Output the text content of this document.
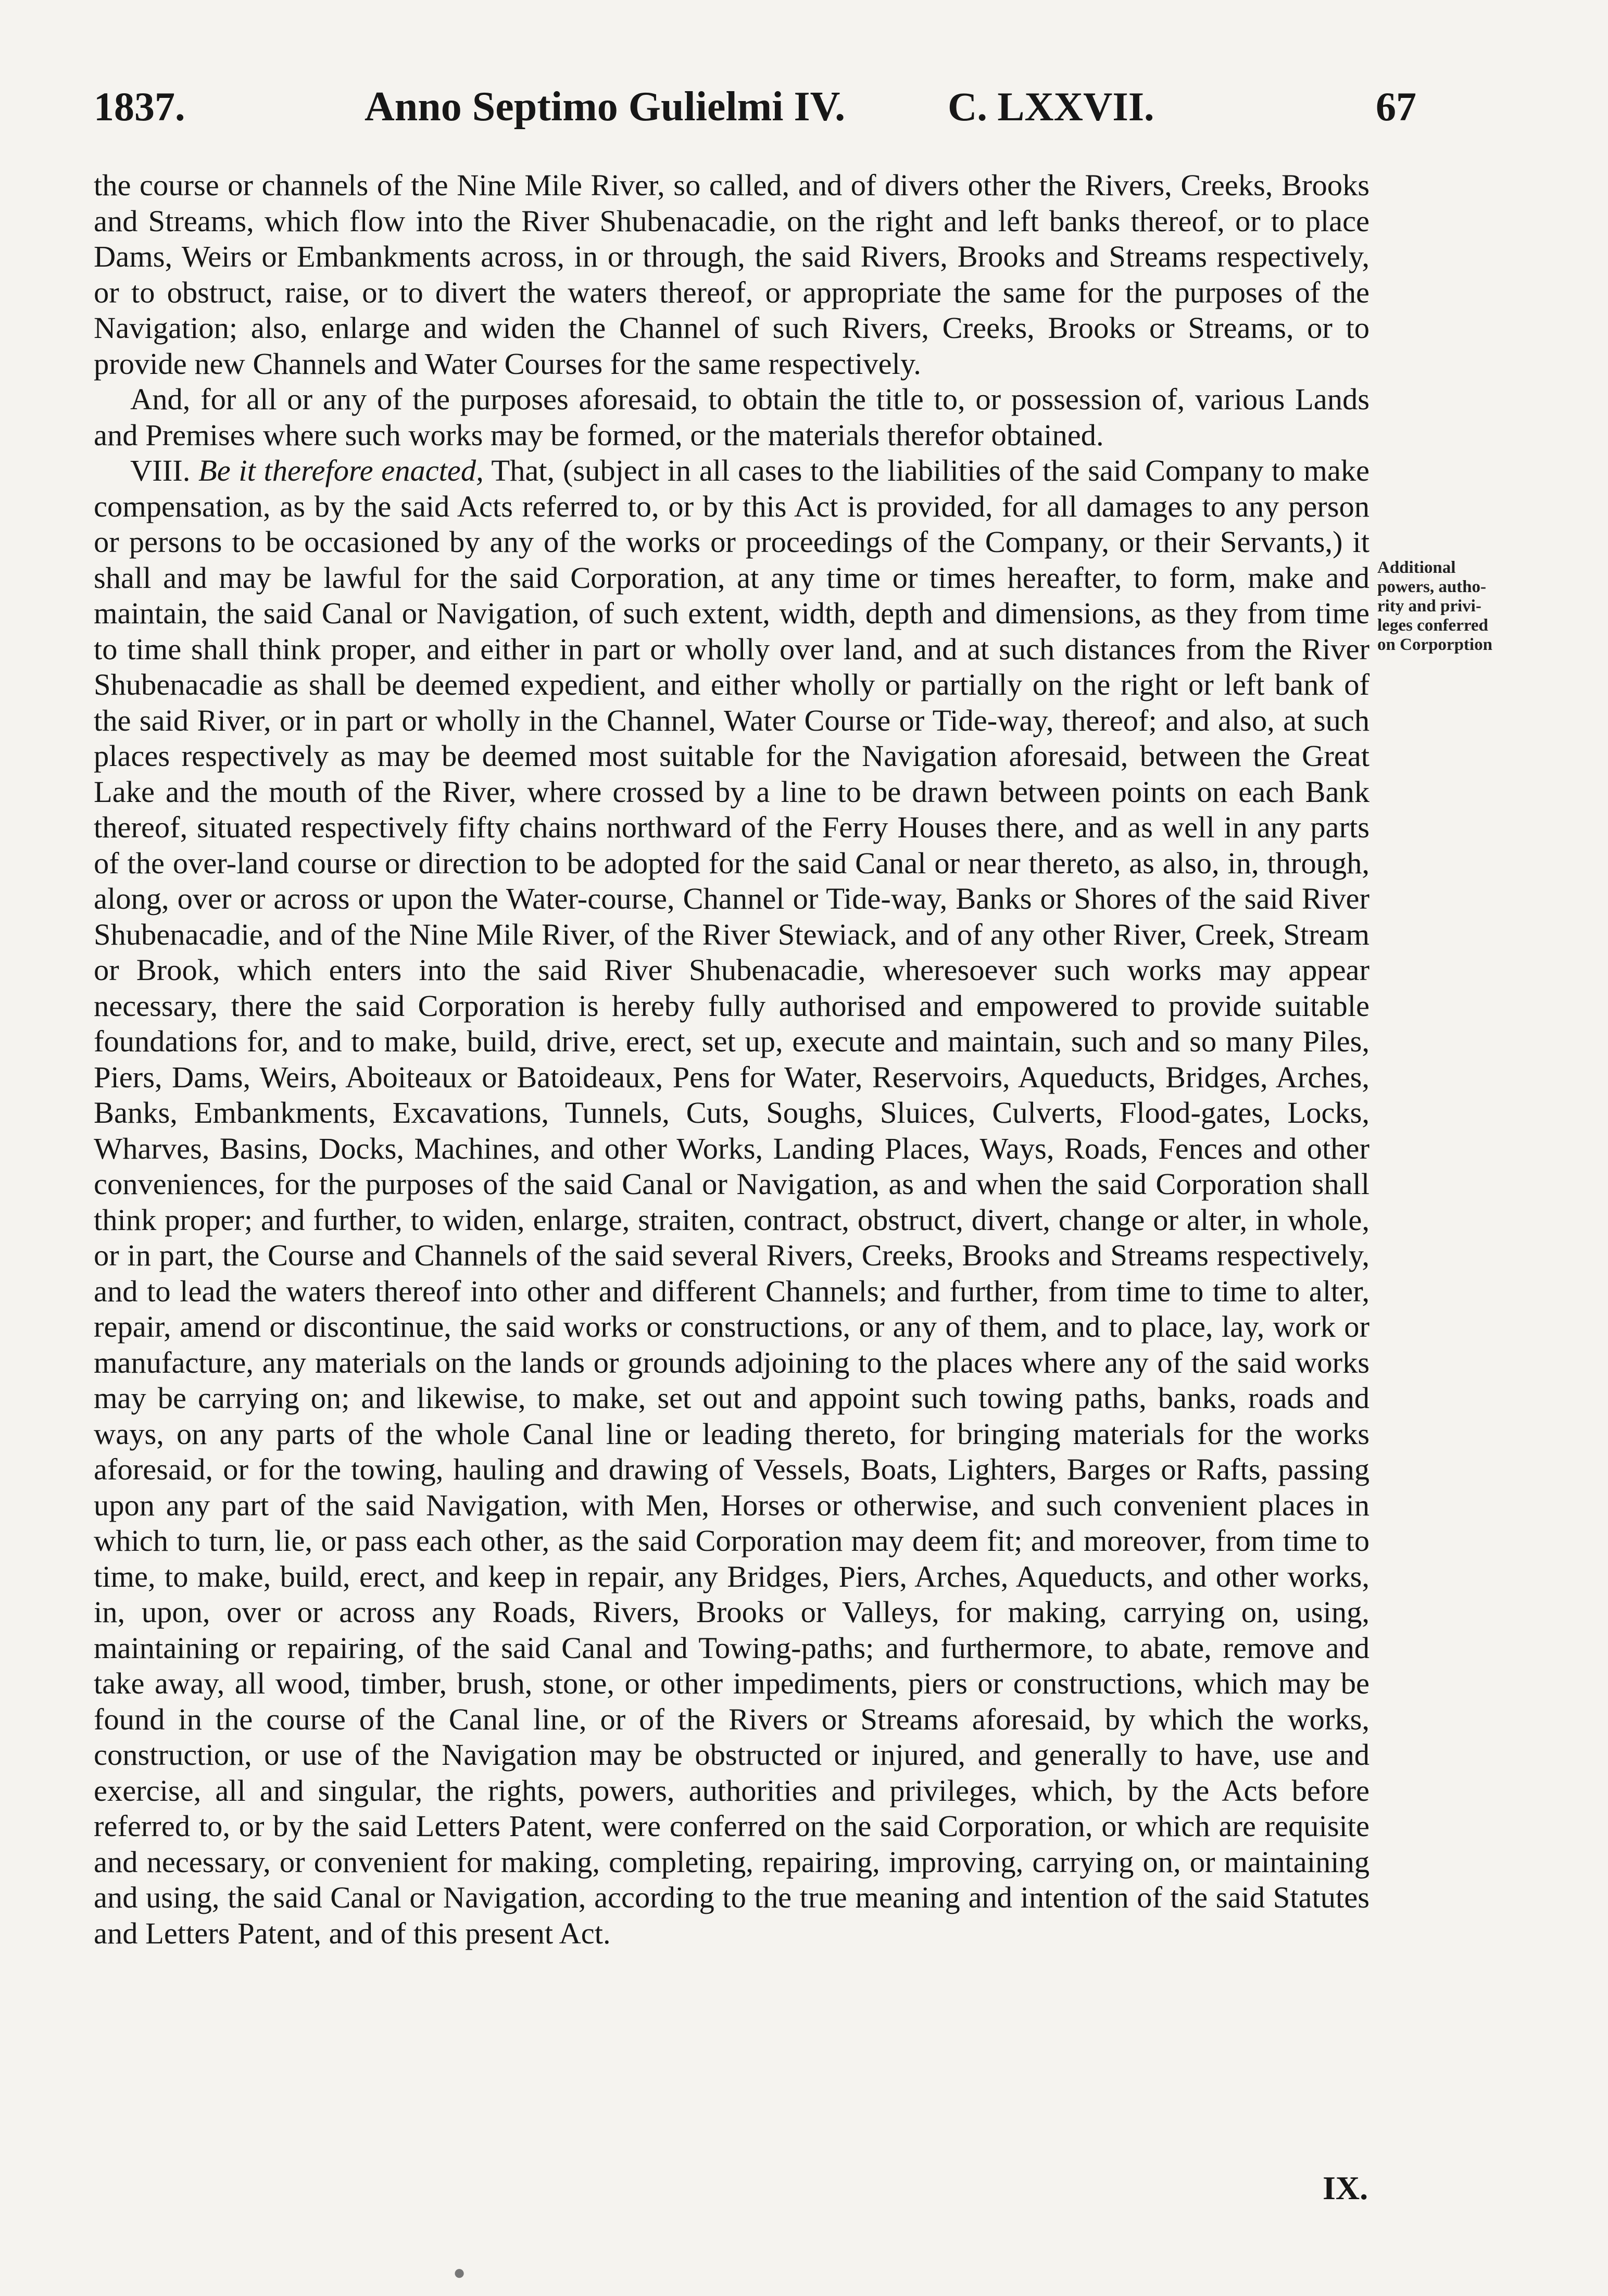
1837.	Anno Septimo Gulielmi IV.	C. LXXVII.	67

the course or channels of the Nine Mile River, so called, and of divers other the Rivers, Creeks, Brooks and Streams, which flow into the River Shubenacadie, on the right and left banks thereof, or to place Dams, Weirs or Embankments across, in or through, the said Rivers, Brooks and Streams respectively, or to obstruct, raise, or to divert the waters thereof, or appropriate the same for the purposes of the Navigation; also, enlarge and widen the Channel of such Rivers, Creeks, Brooks or Streams, or to provide new Channels and Water Courses for the same respectively.

And, for all or any of the purposes aforesaid, to obtain the title to, or possession of, various Lands and Premises where such works may be formed, or the materials therefor obtained.

VIII. Be it therefore enacted, That, (subject in all cases to the liabilities of the said Company to make compensation, as by the said Acts referred to, or by this Act is provided, for all damages to any person or persons to be occasioned by any of the works or proceedings of the Company, or their Servants,) it shall and may be lawful for the said Corporation, at any time or times hereafter, to form, make and maintain, the said Canal or Navigation, of such extent, width, depth and dimensions, as they from time to time shall think proper, and either in part or wholly over land, and at such distances from the River Shubenacadie as shall be deemed expedient, and either wholly or partially on the right or left bank of the said River, or in part or wholly in the Channel, Water Course or Tide-way, thereof; and also, at such places respectively as may be deemed most suitable for the Navigation aforesaid, between the Great Lake and the mouth of the River, where crossed by a line to be drawn between points on each Bank thereof, situated respectively fifty chains northward of the Ferry Houses there, and as well in any parts of the over-land course or direction to be adopted for the said Canal or near thereto, as also, in, through, along, over or across or upon the Water-course, Channel or Tide-way, Banks or Shores of the said River Shubenacadie, and of the Nine Mile River, of the River Stewiack, and of any other River, Creek, Stream or Brook, which enters into the said River Shubenacadie, wheresoever such works may appear necessary, there the said Corporation is hereby fully authorised and empowered to provide suitable foundations for, and to make, build, drive, erect, set up, execute and maintain, such and so many Piles, Piers, Dams, Weirs, Aboiteaux or Batoideaux, Pens for Water, Reservoirs, Aqueducts, Bridges, Arches, Banks, Embankments, Excavations, Tunnels, Cuts, Soughs, Sluices, Culverts, Flood-gates, Locks, Wharves, Basins, Docks, Machines, and other Works, Landing Places, Ways, Roads, Fences and other conveniences, for the purposes of the said Canal or Navigation, as and when the said Corporation shall think proper; and further, to widen, enlarge, straiten, contract, obstruct, divert, change or alter, in whole, or in part, the Course and Channels of the said several Rivers, Creeks, Brooks and Streams respectively, and to lead the waters thereof into other and different Channels; and further, from time to time to alter, repair, amend or discontinue, the said works or constructions, or any of them, and to place, lay, work or manufacture, any materials on the lands or grounds adjoining to the places where any of the said works may be carrying on; and likewise, to make, set out and appoint such towing paths, banks, roads and ways, on any parts of the whole Canal line or leading thereto, for bringing materials for the works aforesaid, or for the towing, hauling and drawing of Vessels, Boats, Lighters, Barges or Rafts, passing upon any part of the said Navigation, with Men, Horses or otherwise, and such convenient places in which to turn, lie, or pass each other, as the said Corporation may deem fit; and moreover, from time to time, to make, build, erect, and keep in repair, any Bridges, Piers, Arches, Aqueducts, and other works, in, upon, over or across any Roads, Rivers, Brooks or Valleys, for making, carrying on, using, maintaining or repairing, of the said Canal and Towing-paths; and furthermore, to abate, remove and take away, all wood, timber, brush, stone, or other impediments, piers or constructions, which may be found in the course of the Canal line, or of the Rivers or Streams aforesaid, by which the works, construction, or use of the Navigation may be obstructed or injured, and generally to have, use and exercise, all and singular, the rights, powers, authorities and privileges, which, by the Acts before referred to, or by the said Letters Patent, were conferred on the said Corporation, or which are requisite and necessary, or convenient for making, completing, repairing, improving, carrying on, or maintaining and using, the said Canal or Navigation, according to the true meaning and intention of the said Statutes and Letters Patent, and of this present Act.

Additional
powers, autho-
rity and privi-
leges conferred
on Corporption
IX.
●
